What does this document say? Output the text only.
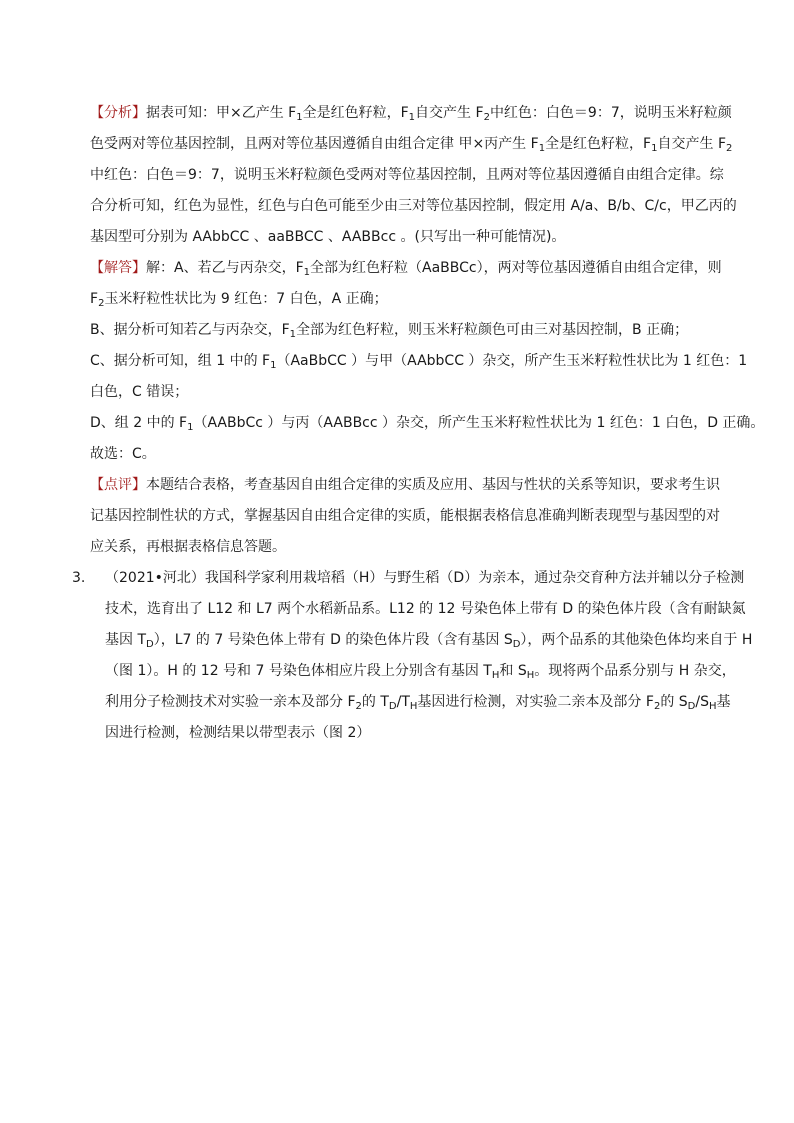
【分析】据表可知：甲×乙产生 $F_1$全是红色籽粒，$F_1$自交产生 $F_2$中红色：白色＝9：7，说明玉米籽粒颜
色受两对等位基因控制，且两对等位基因遵循自由组合定律 甲×丙产生 $F_1$全是红色籽粒，$F_1$自交产生 $F_2$
中红色：白色＝9：7，说明玉米籽粒颜色受两对等位基因控制，且两对等位基因遵循自由组合定律。综
合分析可知，红色为显性，红色与白色可能至少由三对等位基因控制，假定用 A/a、B/b、C/c，甲乙丙的
基因型可分别为 AAbbCC 、aaBBCC 、AABBcc 。(只写出一种可能情况)。
【解答】解：A、若乙与丙杂交，$F_1$全部为红色籽粒（AaBBCc），两对等位基因遵循自由组合定律，则
$F_2$玉米籽粒性状比为 9 红色：7 白色，A 正确；
B、据分析可知若乙与丙杂交，$F_1$全部为红色籽粒，则玉米籽粒颜色可由三对基因控制，B 正确；
C、据分析可知，组 1 中的 $F_1(AaBbCC$ ）与甲（AAbbCC ）杂交，所产生玉米籽粒性状比为 1 红色：1
白色，C 错误；
D、组 2 中的 $F_1(AABbCc$ ）与丙（AABBcc ）杂交，所产生玉米籽粒性状比为 1 红色：1 白色，D 正确。
故选：C。
【点评】本题结合表格，考查基因自由组合定律的实质及应用、基因与性状的关系等知识，要求考生识
记基因控制性状的方式，掌握基因自由组合定律的实质，能根据表格信息准确判断表现型与基因型的对
应关系，再根据表格信息答题。
3. （2021•河北）我国科学家利用栽培稻（H）与野生稻（D）为亲本，通过杂交育种方法并辅以分子检测
技术，选育出了 L12 和 L7 两个水稻新品系。L12 的 12 号染色体上带有 D 的染色体片段（含有耐缺氮
基因 $T_D$），L7 的 7 号染色体上带有 D 的染色体片段（含有基因 $S_D$），两个品系的其他染色体均来自于 H
（图 1）。H 的 12 号和 7 号染色体相应片段上分别含有基因 $T_H$和 $S_H$。现将两个品系分别与 H 杂交，
利用分子检测技术对实验一亲本及部分 $F_2$的 $T_D/T_H$基因进行检测，对实验二亲本及部分 $F_2$的 $S_D/S_H$基
因进行检测，检测结果以带型表示（图 2）
